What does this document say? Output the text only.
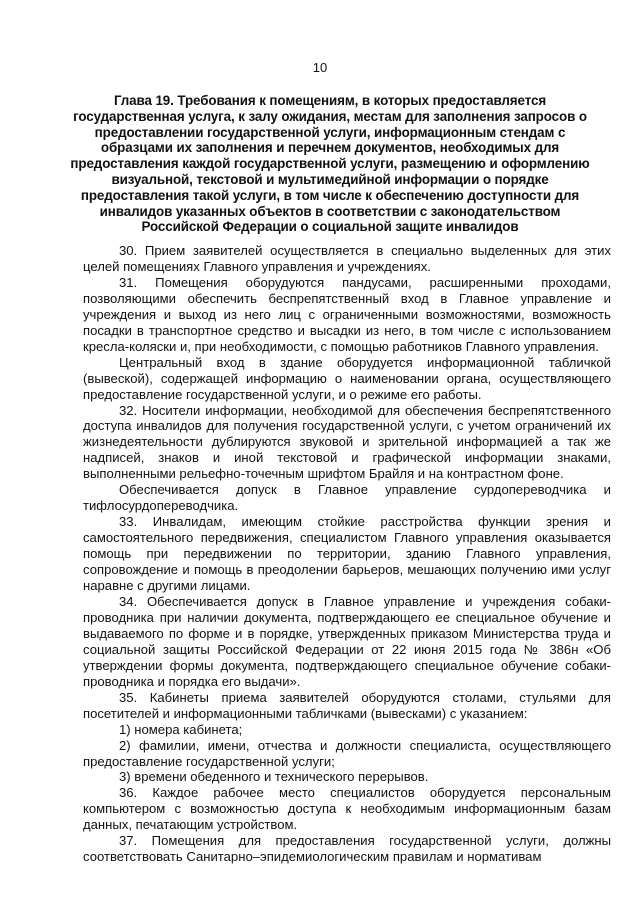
10
Глава 19. Требования к помещениям, в которых предоставляется государственная услуга, к залу ожидания, местам для заполнения запросов о предоставлении государственной услуги, информационным стендам с образцами их заполнения и перечнем документов, необходимых для предоставления каждой государственной услуги, размещению и оформлению визуальной, текстовой и мультимедийной информации о порядке предоставления такой услуги, в том числе к обеспечению доступности для инвалидов указанных объектов в соответствии с законодательством Российской Федерации о социальной защите инвалидов

30. Прием заявителей осуществляется в специально выделенных для этих целей помещениях Главного управления и учреждениях.

31. Помещения оборудуются пандусами, расширенными проходами, позволяющими обеспечить беспрепятственный вход в Главное управление и учреждения и выход из него лиц с ограниченными возможностями, возможность посадки в транспортное средство и высадки из него, в том числе с использованием кресла-коляски и, при необходимости, с помощью работников Главного управления.

Центральный вход в здание оборудуется информационной табличкой (вывеской), содержащей информацию о наименовании органа, осуществляющего предоставление государственной услуги, и о режиме его работы.

32. Носители информации, необходимой для обеспечения беспрепятственного доступа инвалидов для получения государственной услуги, с учетом ограничений их жизнедеятельности дублируются звуковой и зрительной информацией а так же надписей, знаков и иной текстовой и графической информации знаками, выполненными рельефно-точечным шрифтом Брайля и на контрастном фоне.

Обеспечивается допуск в Главное управление сурдопереводчика и тифлосурдопереводчика.

33. Инвалидам, имеющим стойкие расстройства функции зрения и самостоятельного передвижения, специалистом Главного управления оказывается помощь при передвижении по территории, зданию Главного управления, сопровождение и помощь в преодолении барьеров, мешающих получению ими услуг наравне с другими лицами.

34. Обеспечивается допуск в Главное управление и учреждения собаки-проводника при наличии документа, подтверждающего ее специальное обучение и выдаваемого по форме и в порядке, утвержденных приказом Министерства труда и социальной защиты Российской Федерации от 22 июня 2015 года № 386н «Об утверждении формы документа, подтверждающего специальное обучение собаки-проводника и порядка его выдачи».

35. Кабинеты приема заявителей оборудуются столами, стульями для посетителей и информационными табличками (вывесками) с указанием:

1) номера кабинета;

2) фамилии, имени, отчества и должности специалиста, осуществляющего предоставление государственной услуги;

3) времени обеденного и технического перерывов.

36. Каждое рабочее место специалистов оборудуется персональным компьютером с возможностью доступа к необходимым информационным базам данных, печатающим устройством.

37. Помещения для предоставления государственной услуги, должны соответствовать Санитарно–эпидемиологическим правилам и нормативам
